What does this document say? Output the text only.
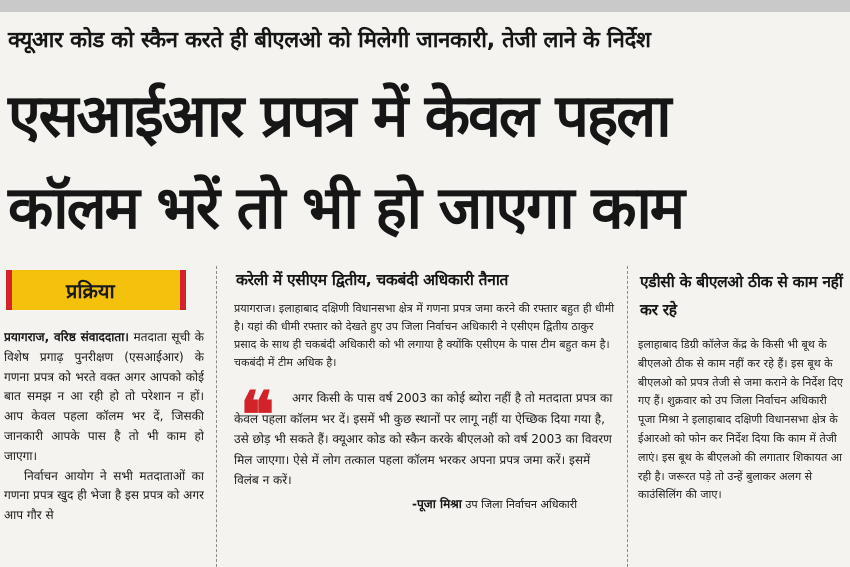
क्यूआर कोड को स्कैन करते ही बीएलओ को मिलेगी जानकारी, तेजी लाने के निर्देश
एसआईआर प्रपत्र में केवल पहला
कॉलम भरें तो भी हो जाएगा काम
प्रक्रिया
प्रयागराज, वरिष्ठ संवाददाता। मतदाता सूची के विशेष प्रगाढ़ पुनरीक्षण (एसआईआर) के गणना प्रपत्र को भरते वक्त अगर आपको कोई बात समझ न आ रही हो तो परेशान न हों। आप केवल पहला कॉलम भर दें, जिसकी जानकारी आपके पास है तो भी काम हो जाएगा।
निर्वाचन आयोग ने सभी मतदाताओं का गणना प्रपत्र खुद ही भेजा है इस प्रपत्र को अगर आप गौर से
करेली में एसीएम द्वितीय, चकबंदी अधिकारी तैनात
प्रयागराज। इलाहाबाद दक्षिणी विधानसभा क्षेत्र में गणना प्रपत्र जमा करने की रफ्तार बहुत ही धीमी है। यहां की धीमी रफ्तार को देखते हुए उप जिला निर्वाचन अधिकारी ने एसीएम द्वितीय ठाकुर प्रसाद के साथ ही चकबंदी अधिकारी को भी लगाया है क्योंकि एसीएम के पास टीम बहुत कम है। चकबंदी में टीम अधिक है।
❝	अगर किसी के पास वर्ष 2003 का कोई ब्योरा नहीं है तो मतदाता प्रपत्र का केवल पहला कॉलम भर दें। इसमें भी कुछ स्थानों पर लागू नहीं या ऐच्छिक दिया गया है, उसे छोड़ भी सकते हैं। क्यूआर कोड को स्कैन करके बीएलओ को वर्ष 2003 का विवरण मिल जाएगा। ऐसे में लोग तत्काल पहला कॉलम भरकर अपना प्रपत्र जमा करें। इसमें विलंब न करें।
-पूजा मिश्रा उप जिला निर्वाचन अधिकारी
एडीसी के बीएलओ ठीक से काम नहीं कर रहे
इलाहाबाद डिग्री कॉलेज केंद्र के किसी भी बूथ के बीएलओ ठीक से काम नहीं कर रहे हैं। इस बूथ के बीएलओ को प्रपत्र तेजी से जमा कराने के निर्देश दिए गए हैं। शुक्रवार को उप जिला निर्वाचन अधिकारी पूजा मिश्रा ने इलाहाबाद दक्षिणी विधानसभा क्षेत्र के ईआरओ को फोन कर निर्देश दिया कि काम में तेजी लाएं। इस बूथ के बीएलओ की लगातार शिकायत आ रही है। जरूरत पड़े तो उन्हें बुलाकर अलग से काउंसिलिंग की जाए।
